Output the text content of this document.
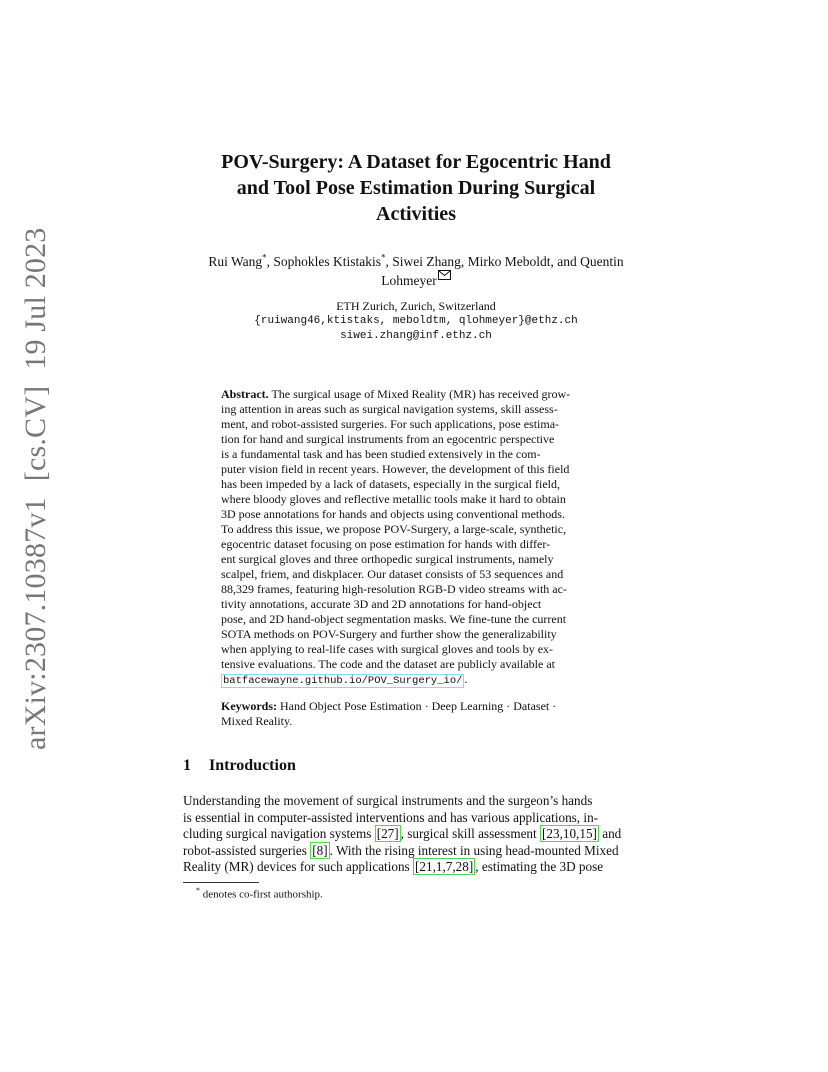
arXiv:2307.10387v1[cs.CV]19 Jul 2023
POV-Surgery: A Dataset for Egocentric Hand
and Tool Pose Estimation During Surgical
Activities
Rui Wang*, Sophokles Ktistakis*, Siwei Zhang, Mirko Meboldt, and Quentin
Lohmeyer
ETH Zurich, Zurich, Switzerland
{ruiwang46,ktistaks, meboldtm, qlohmeyer}@ethz.ch
siwei.zhang@inf.ethz.ch
Abstract. The surgical usage of Mixed Reality (MR) has received grow-
ing attention in areas such as surgical navigation systems, skill assess-
ment, and robot-assisted surgeries. For such applications, pose estima-
tion for hand and surgical instruments from an egocentric perspective
is a fundamental task and has been studied extensively in the com-
puter vision field in recent years. However, the development of this field
has been impeded by a lack of datasets, especially in the surgical field,
where bloody gloves and reflective metallic tools make it hard to obtain
3D pose annotations for hands and objects using conventional methods.
To address this issue, we propose POV-Surgery, a large-scale, synthetic,
egocentric dataset focusing on pose estimation for hands with differ-
ent surgical gloves and three orthopedic surgical instruments, namely
scalpel, friem, and diskplacer. Our dataset consists of 53 sequences and
88,329 frames, featuring high-resolution RGB-D video streams with ac-
tivity annotations, accurate 3D and 2D annotations for hand-object
pose, and 2D hand-object segmentation masks. We fine-tune the current
SOTA methods on POV-Surgery and further show the generalizability
when applying to real-life cases with surgical gloves and tools by ex-
tensive evaluations. The code and the dataset are publicly available at
batfacewayne.github.io/POV_Surgery_io/ .
Keywords: Hand Object Pose Estimation · Deep Learning · Dataset ·
Mixed Reality.
1 Introduction
Understanding the movement of surgical instruments and the surgeon’s hands
is essential in computer-assisted interventions and has various applications, in-
cluding surgical navigation systems [27] , surgical skill assessment [23,10,15] and
robot-assisted surgeries [8] . With the rising interest in using head-mounted Mixed
Reality (MR) devices for such applications [21,1,7,28] , estimating the 3D pose
* denotes co-first authorship.
